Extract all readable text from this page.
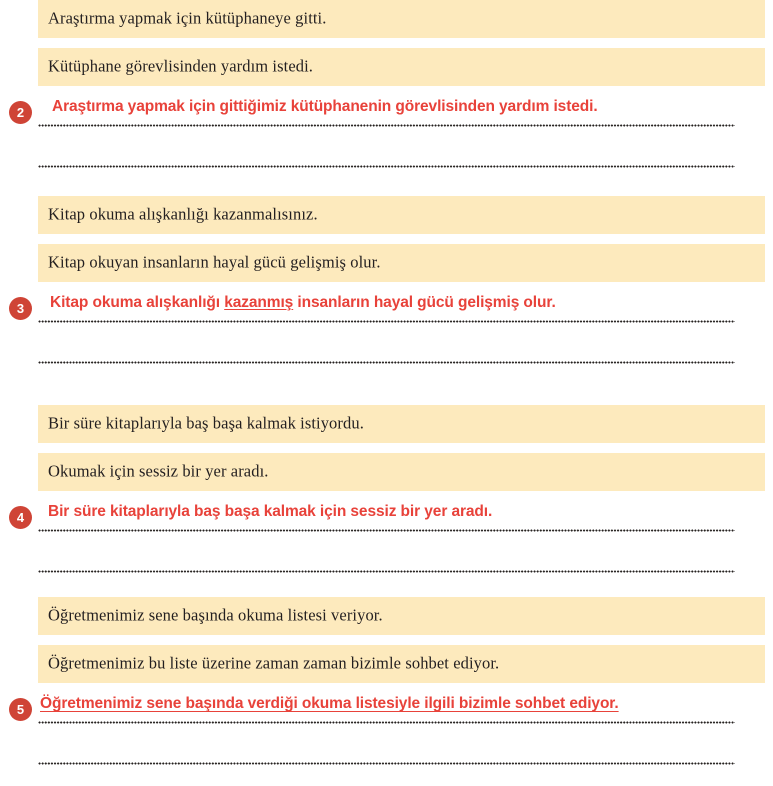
Araştırma yapmak için kütüphaneye gitti.
Kütüphane görevlisinden yardım istedi.
2	Araştırma yapmak için gittiğimiz kütüphanenin görevlisinden yardım istedi.
Kitap okuma alışkanlığı kazanmalısınız.
Kitap okuyan insanların hayal gücü gelişmiş olur.
3	Kitap okuma alışkanlığı kazanmış insanların hayal gücü gelişmiş olur.
Bir süre kitaplarıyla baş başa kalmak istiyordu.
Okumak için sessiz bir yer aradı.
4	Bir süre kitaplarıyla baş başa kalmak için sessiz bir yer aradı.
Öğretmenimiz sene başında okuma listesi veriyor.
Öğretmenimiz bu liste üzerine zaman zaman bizimle sohbet ediyor.
5	Öğretmenimiz sene başında verdiği okuma listesiyle ilgili bizimle sohbet ediyor.
